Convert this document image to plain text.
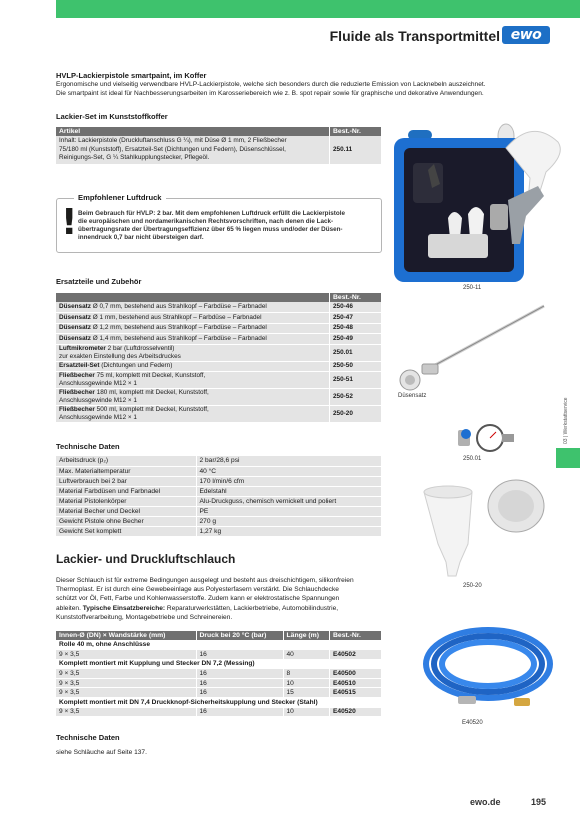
Fluide als Transportmittel ewo
HVLP-Lackierpistole smartpaint, im Koffer
Ergonomische und vielseitig verwendbare HVLP-Lackierpistole, welche sich besonders durch die reduzierte Emission von Lacknebeln auszeichnet.
Die smartpaint ist ideal für Nachbesserungsarbeiten im Karosseriebereich wie z. B. spot repair sowie für graphische und dekorative Anwendungen.
Lackier-Set im Kunststoffkoffer
Artikel	Best.-Nr.

Inhalt: Lackierpistole (Druckluftanschluss G ¼), mit Düse Ø 1 mm, 2 Fließbecher
75/180 ml (Kunststoff), Ersatzteil-Set (Dichtungen und Federn), Düsenschlüssel,
Reinigungs-Set, G ¼ Stahlkupplungstecker, Pflegeöl.	250.11
Empfohlener Luftdruck
! Beim Gebrauch für HVLP: 2 bar. Mit dem empfohlenen Luftdruck erfüllt die Lackierpistole
die europäischen und nordamerikanischen Rechtsvorschriften, nach denen die Lack-
übertragungsrate der Übertragungseffizienz über 65 % liegen muss und/oder der Düsen-
innendruck 0,7 bar nicht übersteigen darf.
Ersatzteile und Zubehör
	Best.-Nr.
Düsensatz Ø 0,7 mm, bestehend aus Strahlkopf – Farbdüse – Farbnadel	250-46
Düsensatz Ø 1 mm, bestehend aus Strahlkopf – Farbdüse – Farbnadel	250-47
Düsensatz Ø 1,2 mm, bestehend aus Strahlkopf – Farbdüse – Farbnadel	250-48
Düsensatz Ø 1,4 mm, bestehend aus Strahlkopf – Farbdüse – Farbnadel	250-49
Luftmikrometer 2 bar (Luftdrosselventil)
zur exakten Einstellung des Arbeitsdruckes	250.01
Ersatzteil-Set (Dichtungen und Federn)	250-50
Fließbecher 75 ml, komplett mit Deckel, Kunststoff,
Anschlussgewinde M12 × 1	250-51
Fließbecher 180 ml, komplett mit Deckel, Kunststoff,
Anschlussgewinde M12 × 1	250-52
Fließbecher 500 ml, komplett mit Deckel, Kunststoff,
Anschlussgewinde M12 × 1	250-20
Technische Daten
Arbeitsdruck (p₂)	2 bar/28,6 psi
Max. Materialtemperatur	40 °C
Luftverbrauch bei 2 bar	170 l/min/6 cfm
Material Farbdüsen und Farbnadel	Edelstahl
Material Pistolenkörper	Alu-Druckguss, chemisch vernickelt und poliert
Material Becher und Deckel	PE
Gewicht Pistole ohne Becher	270 g
Gewicht Set komplett	1,27 kg
Lackier- und Druckluftschlauch
Dieser Schlauch ist für extreme Bedingungen ausgelegt und besteht aus dreischichtigem, silikonfreien
Thermoplast. Er ist durch eine Gewebeeinlage aus Polyesterfasern verstärkt. Die Schlauchdecke
schützt vor Öl, Fett, Farbe und Kohlenwasserstoffe. Zudem kann er elektrostatische Spannungen
ableiten. Typische Einsatzbereiche: Reparaturwerkstätten, Lackierbetriebe, Automobilindustrie,
Kunststoffverarbeitung, Montagebetriebe und Schreinereien.
Innen-Ø (DN) × Wandstärke (mm)	Druck bei 20 °C (bar)	Länge (m)	Best.-Nr.
Rolle 40 m, ohne Anschlüsse			
9 × 3,5	16	40	E40502
Komplett montiert mit Kupplung und Stecker DN 7,2 (Messing)			
9 × 3,5	16	8	E40500
9 × 3,5	16	10	E40510
9 × 3,5	16	15	E40515
Komplett montiert mit DN 7,4 Druckknopf-Sicherheitskupplung und Stecker (Stahl)			
9 × 3,5	16	10	E40520
Technische Daten
siehe Schläuche auf Seite 137.
250-11
Düsensatz
250.01
250-20
E40520
03 | Werkstattservice
ewo.de	195
